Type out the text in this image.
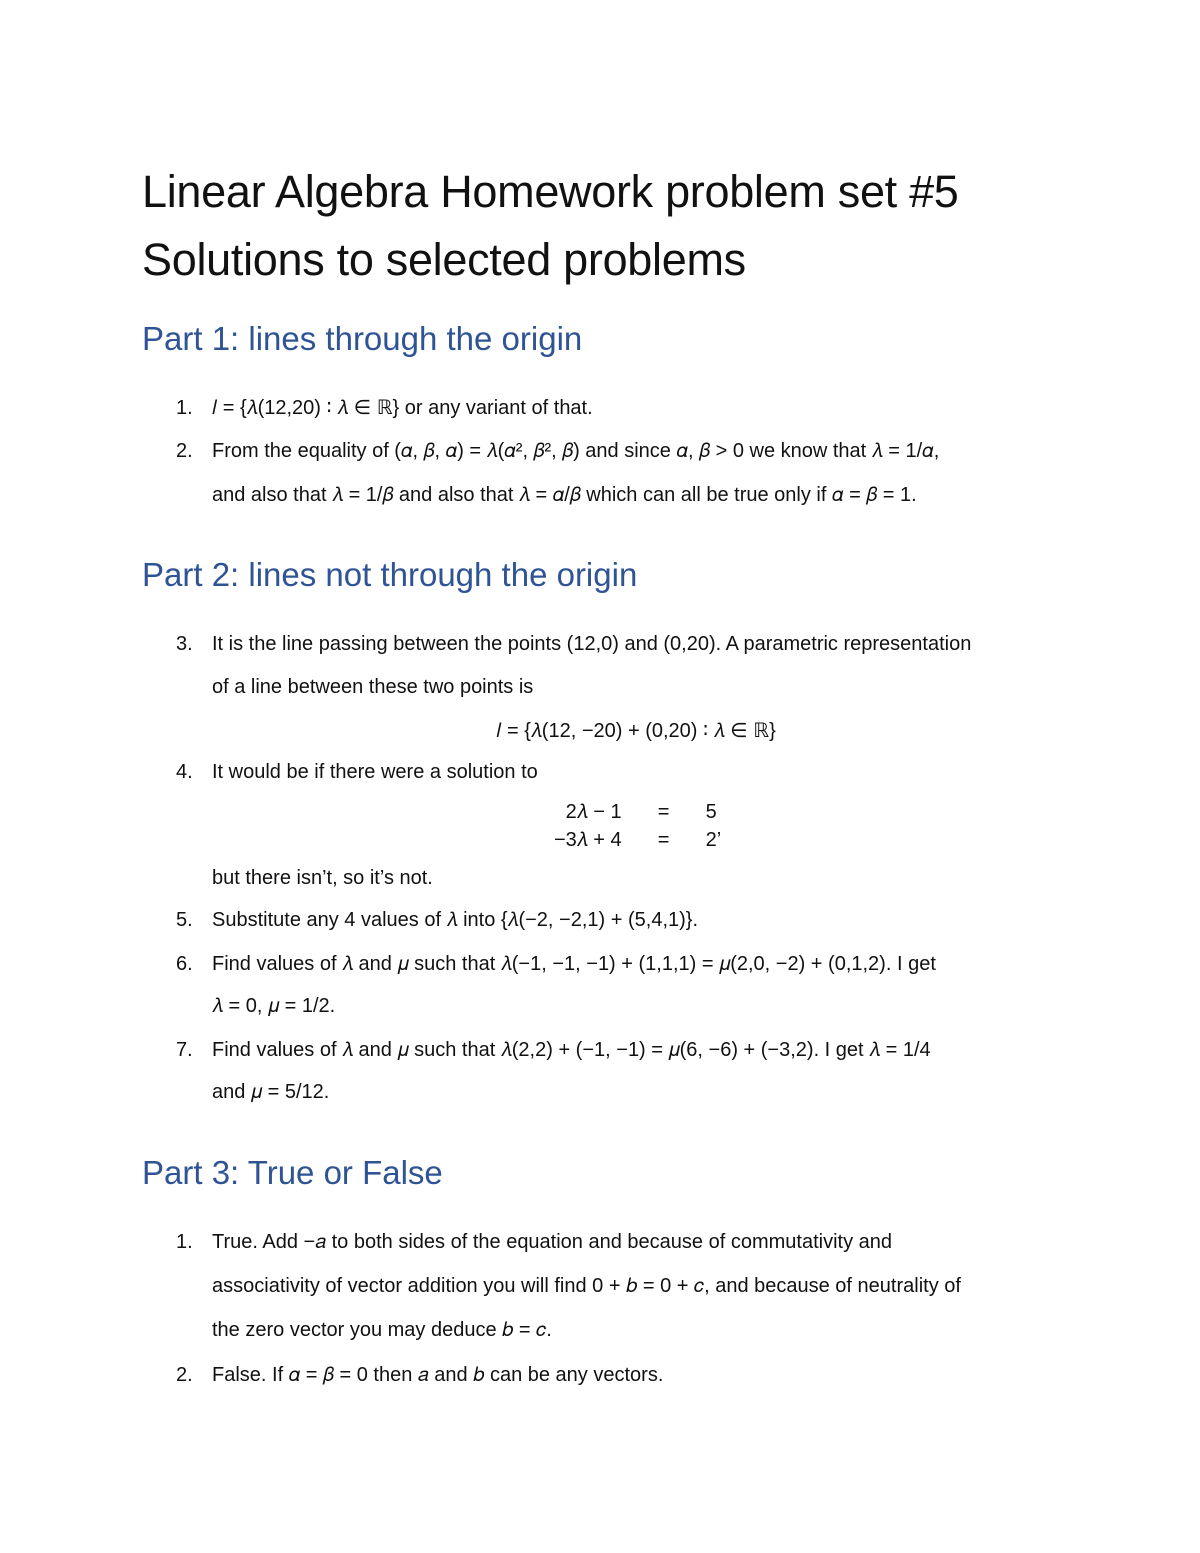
Linear Algebra Homework problem set #5
Solutions to selected problems
Part 1: lines through the origin
1. 𝑙 = {𝜆(12,20) ∶ 𝜆 ∈ ℝ} or any variant of that.
2. From the equality of (𝛼, 𝛽, 𝛼) = 𝜆(𝛼², 𝛽², 𝛽) and since 𝛼, 𝛽 > 0 we know that 𝜆 = 1/𝛼,
and also that 𝜆 = 1/𝛽 and also that 𝜆 = 𝛼/𝛽 which can all be true only if 𝛼 = 𝛽 = 1.
Part 2: lines not through the origin
3. It is the line passing between the points (12,0) and (0,20). A parametric representation
of a line between these two points is
𝑙 = {𝜆(12, −20) + (0,20) ∶ 𝜆 ∈ ℝ}
4. It would be if there were a solution to
2𝜆 − 1	=	5
−3𝜆 + 4	=	2’
but there isn’t, so it’s not.
5. Substitute any 4 values of 𝜆 into {𝜆(−2, −2,1) + (5,4,1)}.
6. Find values of 𝜆 and 𝜇 such that 𝜆(−1, −1, −1) + (1,1,1) = 𝜇(2,0, −2) + (0,1,2). I get
𝜆 = 0, 𝜇 = 1/2.
7. Find values of 𝜆 and 𝜇 such that 𝜆(2,2) + (−1, −1) = 𝜇(6, −6) + (−3,2). I get 𝜆 = 1/4
and 𝜇 = 5/12.
Part 3: True or False
1. True. Add −𝑎 to both sides of the equation and because of commutativity and
associativity of vector addition you will find 0 + 𝑏 = 0 + 𝑐, and because of neutrality of
the zero vector you may deduce 𝑏 = 𝑐.
2. False. If 𝛼 = 𝛽 = 0 then 𝑎 and 𝑏 can be any vectors.
